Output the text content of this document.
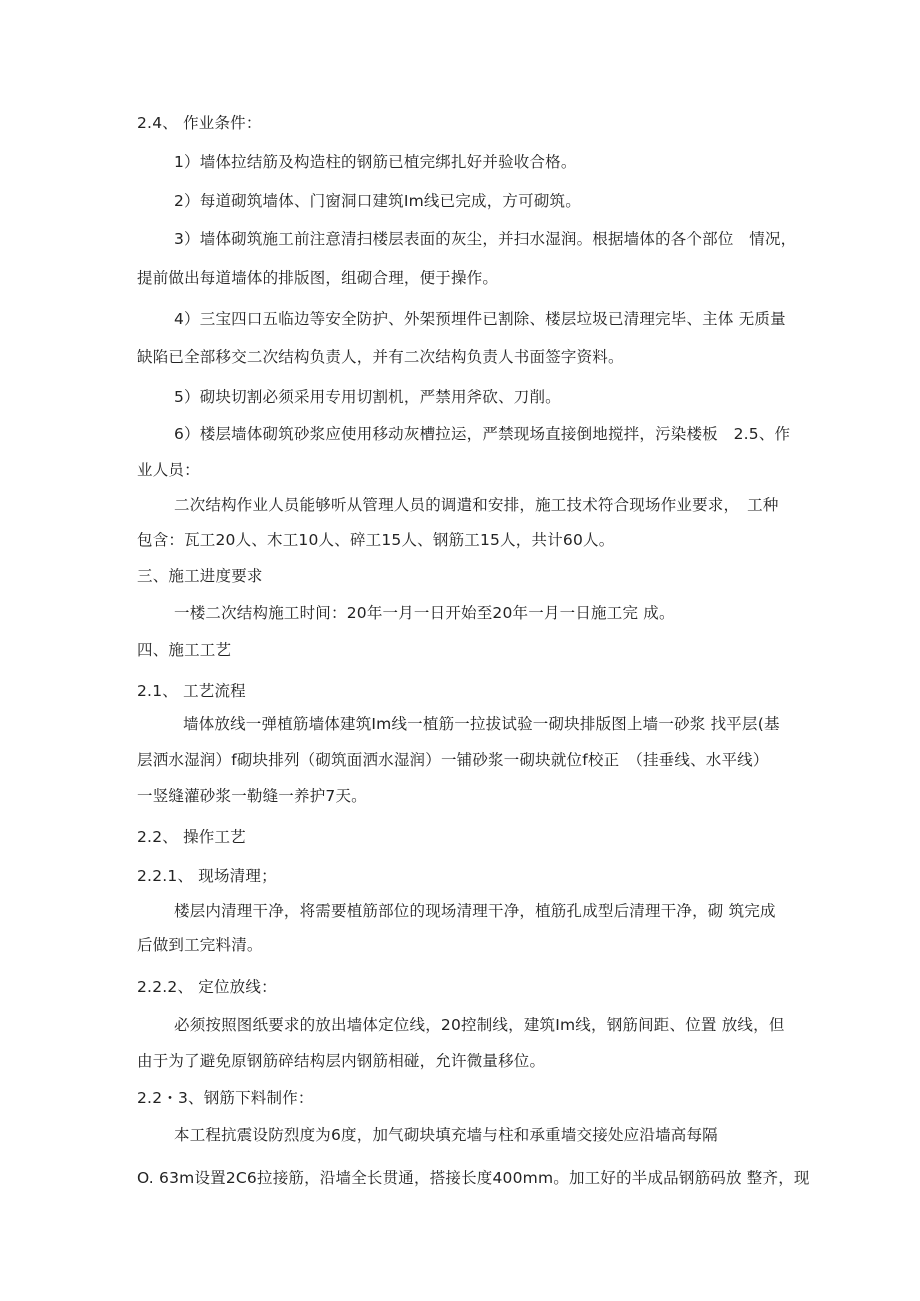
2.4、 作业条件：
1）墙体拉结筋及构造柱的钢筋已植完绑扎好并验收合格。
2）每道砌筑墙体、门窗洞口建筑Im线已完成，方可砌筑。
3）墙体砌筑施工前注意清扫楼层表面的灰尘，并扫水湿润。根据墙体的各个部位　情况，
提前做出每道墙体的排版图，组砌合理，便于操作。
4）三宝四口五临边等安全防护、外架预埋件已割除、楼层垃圾已清理完毕、主体 无质量
缺陷已全部移交二次结构负责人，并有二次结构负责人书面签字资料。
5）砌块切割必须采用专用切割机，严禁用斧砍、刀削。
6）楼层墙体砌筑砂浆应使用移动灰槽拉运，严禁现场直接倒地搅拌，污染楼板　2.5、作
业人员：
二次结构作业人员能够听从管理人员的调遣和安排，施工技术符合现场作业要求，　工种
包含：瓦工20人、木工10人、碎工15人、钢筋工15人，共计60人。
三、施工进度要求
一楼二次结构施工时间：20年一月一日开始至20年一月一日施工完 成。
四、施工工艺
2.1、 工艺流程
墙体放线一弹植筋墙体建筑Im线一植筋一拉拔试验一砌块排版图上墙一砂浆 找平层(基
层洒水湿润）f砌块排列（砌筑面洒水湿润）一铺砂浆一砌块就位f校正　（挂垂线、水平线）
一竖缝灌砂浆一勒缝一养护7天。
2.2、 操作工艺
2.2.1、 现场清理；
楼层内清理干净，将需要植筋部位的现场清理干净，植筋孔成型后清理干净，砌 筑完成
后做到工完料清。
2.2.2、 定位放线：
必须按照图纸要求的放出墙体定位线，20控制线，建筑Im线，钢筋间距、位置 放线，但
由于为了避免原钢筋碎结构层内钢筋相碰，允许微量移位。
2.2・3、钢筋下料制作：
本工程抗震设防烈度为6度，加气砌块填充墙与柱和承重墙交接处应沿墙高每隔
O. 63m设置2C6拉接筋，沿墙全长贯通，搭接长度400mm。加工好的半成品钢筋码放 整齐，现
